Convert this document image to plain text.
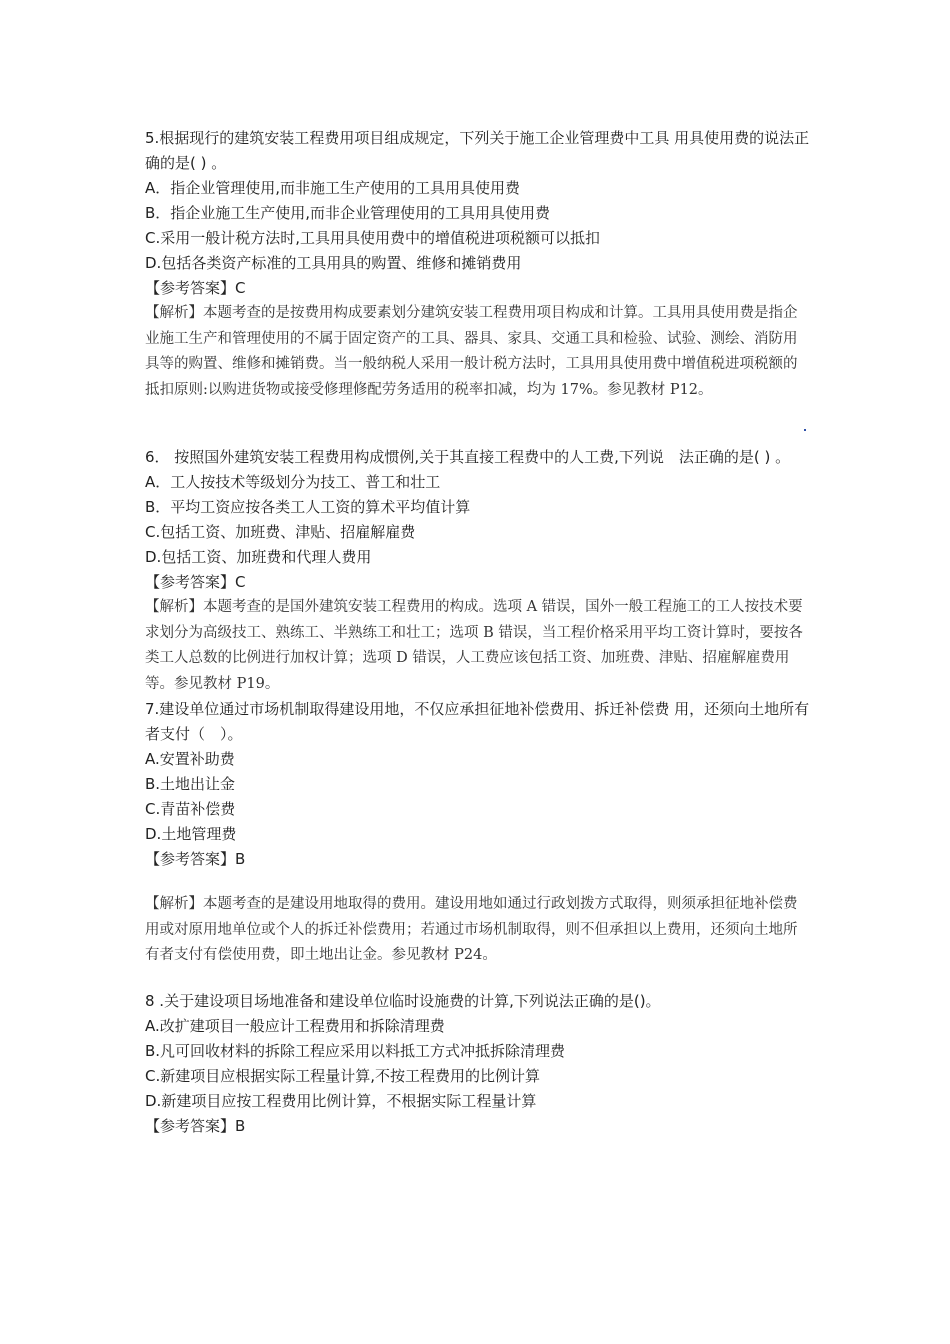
5.根据现行的建筑安装工程费用项目组成规定，下列关于施工企业管理费中工具 用具使用费的说法正确的是( ) 。
A．指企业管理使用,而非施工生产使用的工具用具使用费
B．指企业施工生产使用,而非企业管理使用的工具用具使用费
C.采用一般计税方法时,工具用具使用费中的增值税进项税额可以抵扣
D.包括各类资产标准的工具用具的购置、维修和摊销费用
【参考答案】C
【解析】本题考查的是按费用构成要素划分建筑安装工程费用项目构成和计算。工具用具使用费是指企业施工生产和管理使用的不属于固定资产的工具、器具、家具、交通工具和检验、试验、测绘、消防用具等的购置、维修和摊销费。当一般纳税人采用一般计税方法时，工具用具使用费中增值税进项税额的抵扣原则:以购进货物或接受修理修配劳务适用的税率扣减，均为 17%。参见教材 P12。
6． 按照国外建筑安装工程费用构成惯例,关于其直接工程费中的人工费,下列说　法正确的是( ) 。
A．工人按技术等级划分为技工、普工和壮工
B．平均工资应按各类工人工资的算术平均值计算
C.包括工资、加班费、津贴、招雇解雇费
D.包括工资、加班费和代理人费用
【参考答案】C
【解析】本题考查的是国外建筑安装工程费用的构成。选项 A 错误，国外一般工程施工的工人按技术要求划分为高级技工、熟练工、半熟练工和壮工；选项 B 错误，当工程价格采用平均工资计算时，要按各类工人总数的比例进行加权计算；选项 D 错误，人工费应该包括工资、加班费、津贴、招雇解雇费用等。参见教材 P19。
7.建设单位通过市场机制取得建设用地，不仅应承担征地补偿费用、拆迁补偿费 用，还须向土地所有者支付（　）。
A.安置补助费
B.土地出让金
C.青苗补偿费
D.土地管理费
【参考答案】B
【解析】本题考查的是建设用地取得的费用。建设用地如通过行政划拨方式取得，则须承担征地补偿费用或对原用地单位或个人的拆迁补偿费用；若通过市场机制取得，则不但承担以上费用，还须向土地所有者支付有偿使用费，即土地出让金。参见教材 P24。
8 .关于建设项目场地准备和建设单位临时设施费的计算,下列说法正确的是()。
A.改扩建项目一般应计工程费用和拆除清理费
B.凡可回收材料的拆除工程应采用以料抵工方式冲抵拆除清理费
C.新建项目应根据实际工程量计算,不按工程费用的比例计算
D.新建项目应按工程费用比例计算，不根据实际工程量计算
【参考答案】B
